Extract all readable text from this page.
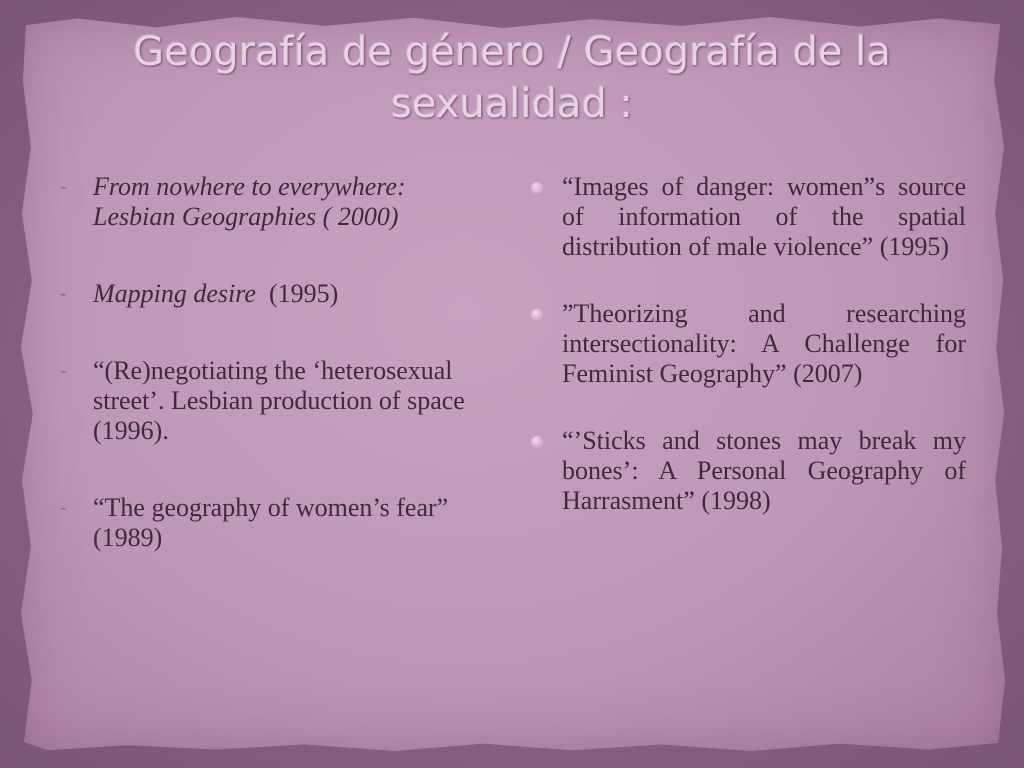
Geografía de género / Geografía de la sexualidad :
-	From nowhere to everywhere: Lesbian Geographies ( 2000)
-	Mapping desire  (1995)
-	“(Re)negotiating the ‘heterosexual street’. Lesbian production of space (1996).
-	“The geography of women’s fear” (1989)
“Images of danger: women”s source of information of the spatial distribution of male violence” (1995)
”Theorizing and researching intersectionality: A Challenge for Feminist Geography” (2007)
“’Sticks and stones may break my bones’: A Personal Geography of Harrasment” (1998)
